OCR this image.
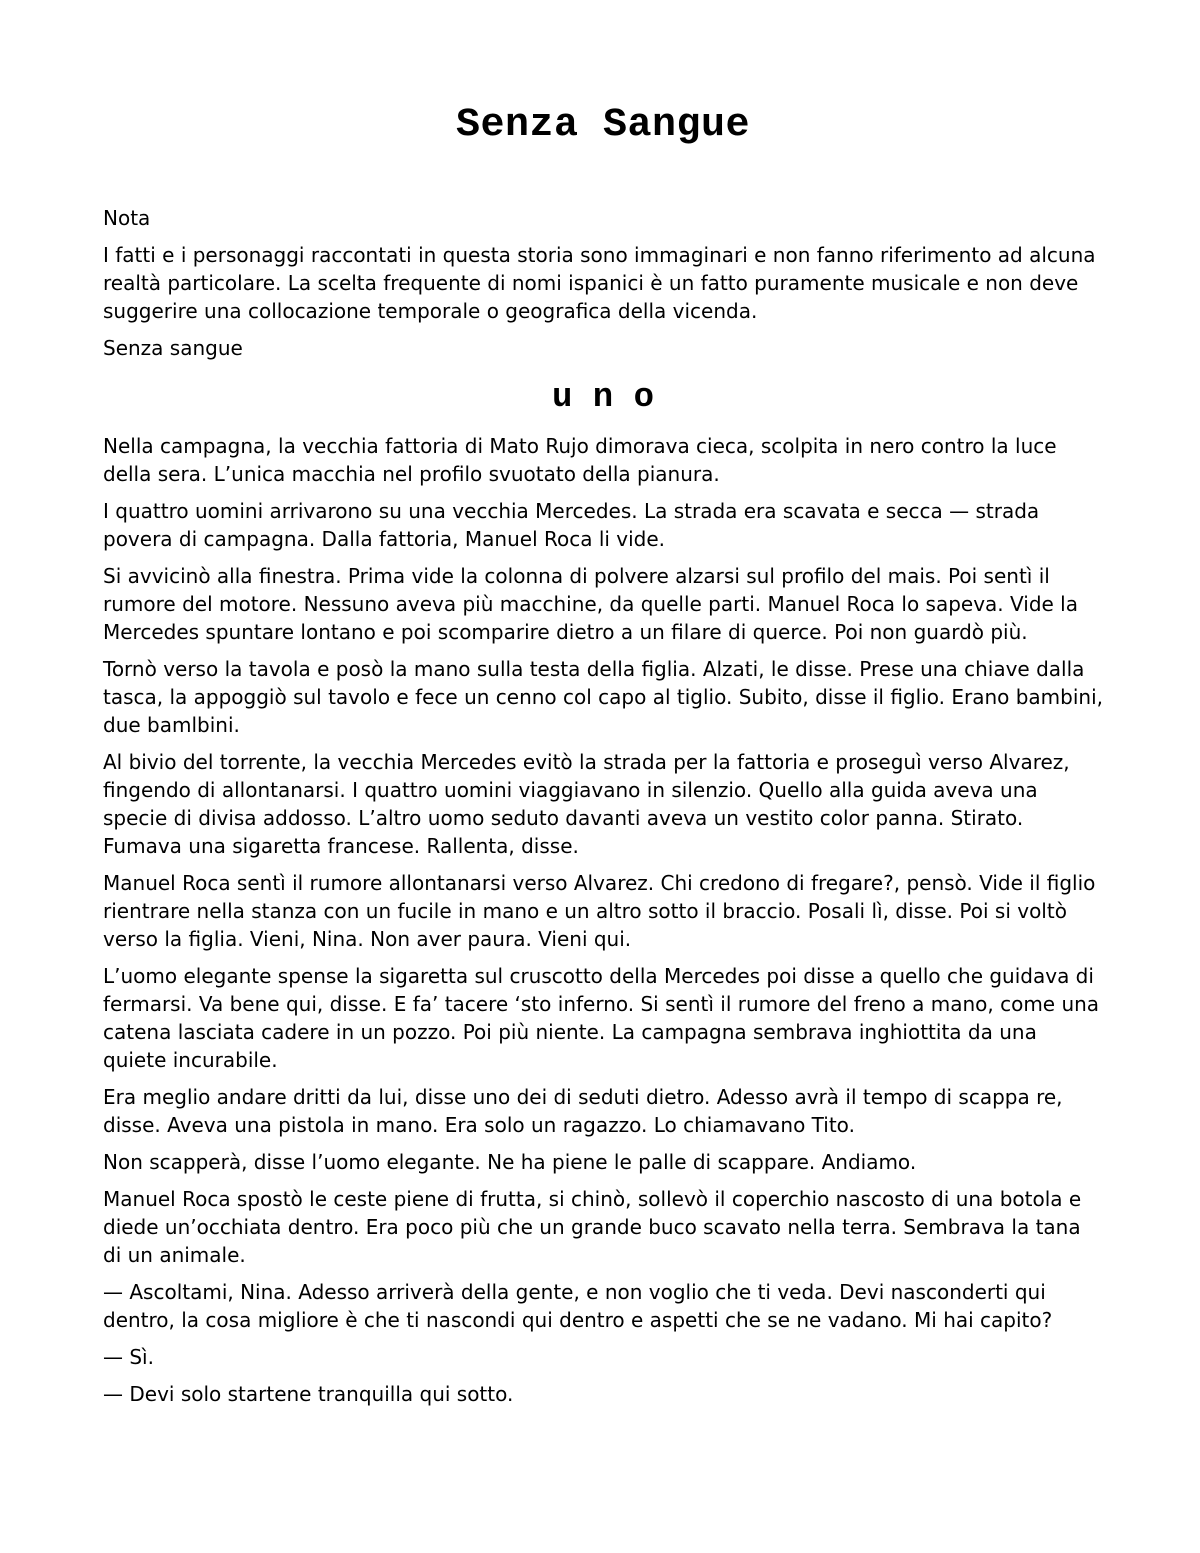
Senza Sangue

Nota

I fatti e i personaggi raccontati in questa storia sono immaginari e non fanno riferimento ad alcuna realtà particolare. La scelta frequente di nomi ispanici è un fatto puramente musicale e non deve suggerire una collocazione temporale o geografica della vicenda.

Senza sangue

u n o

Nella campagna, la vecchia fattoria di Mato Rujo dimorava cieca, scolpita in nero contro la luce della sera. L’unica macchia nel profilo svuotato della pianura.

I quattro uomini arrivarono su una vecchia Mercedes. La strada era scavata e secca — strada povera di campagna. Dalla fattoria, Manuel Roca li vide.

Si avvicinò alla finestra. Prima vide la colonna di polvere alzarsi sul profilo del mais. Poi sentì il rumore del motore. Nessuno aveva più macchine, da quelle parti. Manuel Roca lo sapeva. Vide la Mercedes spuntare lontano e poi scomparire dietro a un filare di querce. Poi non guardò più.

Tornò verso la tavola e posò la mano sulla testa della figlia. Alzati, le disse. Prese una chiave dalla tasca, la appoggiò sul tavolo e fece un cenno col capo al tiglio. Subito, disse il figlio. Erano bambini, due bamlbini.

Al bivio del torrente, la vecchia Mercedes evitò la strada per la fattoria e proseguì verso Alvarez, fingendo di allontanarsi. I quattro uomini viaggiavano in silenzio. Quello alla guida aveva una specie di divisa addosso. L’altro uomo seduto davanti aveva un vestito color panna. Stirato. Fumava una sigaretta francese. Rallenta, disse.

Manuel Roca sentì il rumore allontanarsi verso Alvarez. Chi credono di fregare?, pensò. Vide il figlio rientrare nella stanza con un fucile in mano e un altro sotto il braccio. Posali lì, disse. Poi si voltò verso la figlia. Vieni, Nina. Non aver paura. Vieni qui.

L’uomo elegante spense la sigaretta sul cruscotto della Mercedes poi disse a quello che guidava di fermarsi. Va bene qui, disse. E fa’ tacere ‘sto inferno. Si sentì il rumore del freno a mano, come una catena lasciata cadere in un pozzo. Poi più niente. La campagna sembrava inghiottita da una quiete incurabile.

Era meglio andare dritti da lui, disse uno dei di seduti dietro. Adesso avrà il tempo di scappa re, disse. Aveva una pistola in mano. Era solo un ragazzo. Lo chiamavano Tito.

Non scapperà, disse l’uomo elegante. Ne ha piene le palle di scappare. Andiamo.

Manuel Roca spostò le ceste piene di frutta, si chinò, sollevò il coperchio nascosto di una botola e diede un’occhiata dentro. Era poco più che un grande buco scavato nella terra. Sembrava la tana di un animale.

— Ascoltami, Nina. Adesso arriverà della gente, e non voglio che ti veda. Devi nasconderti qui dentro, la cosa migliore è che ti nascondi qui dentro e aspetti che se ne vadano. Mi hai capito?

— Sì.

— Devi solo startene tranquilla qui sotto.
